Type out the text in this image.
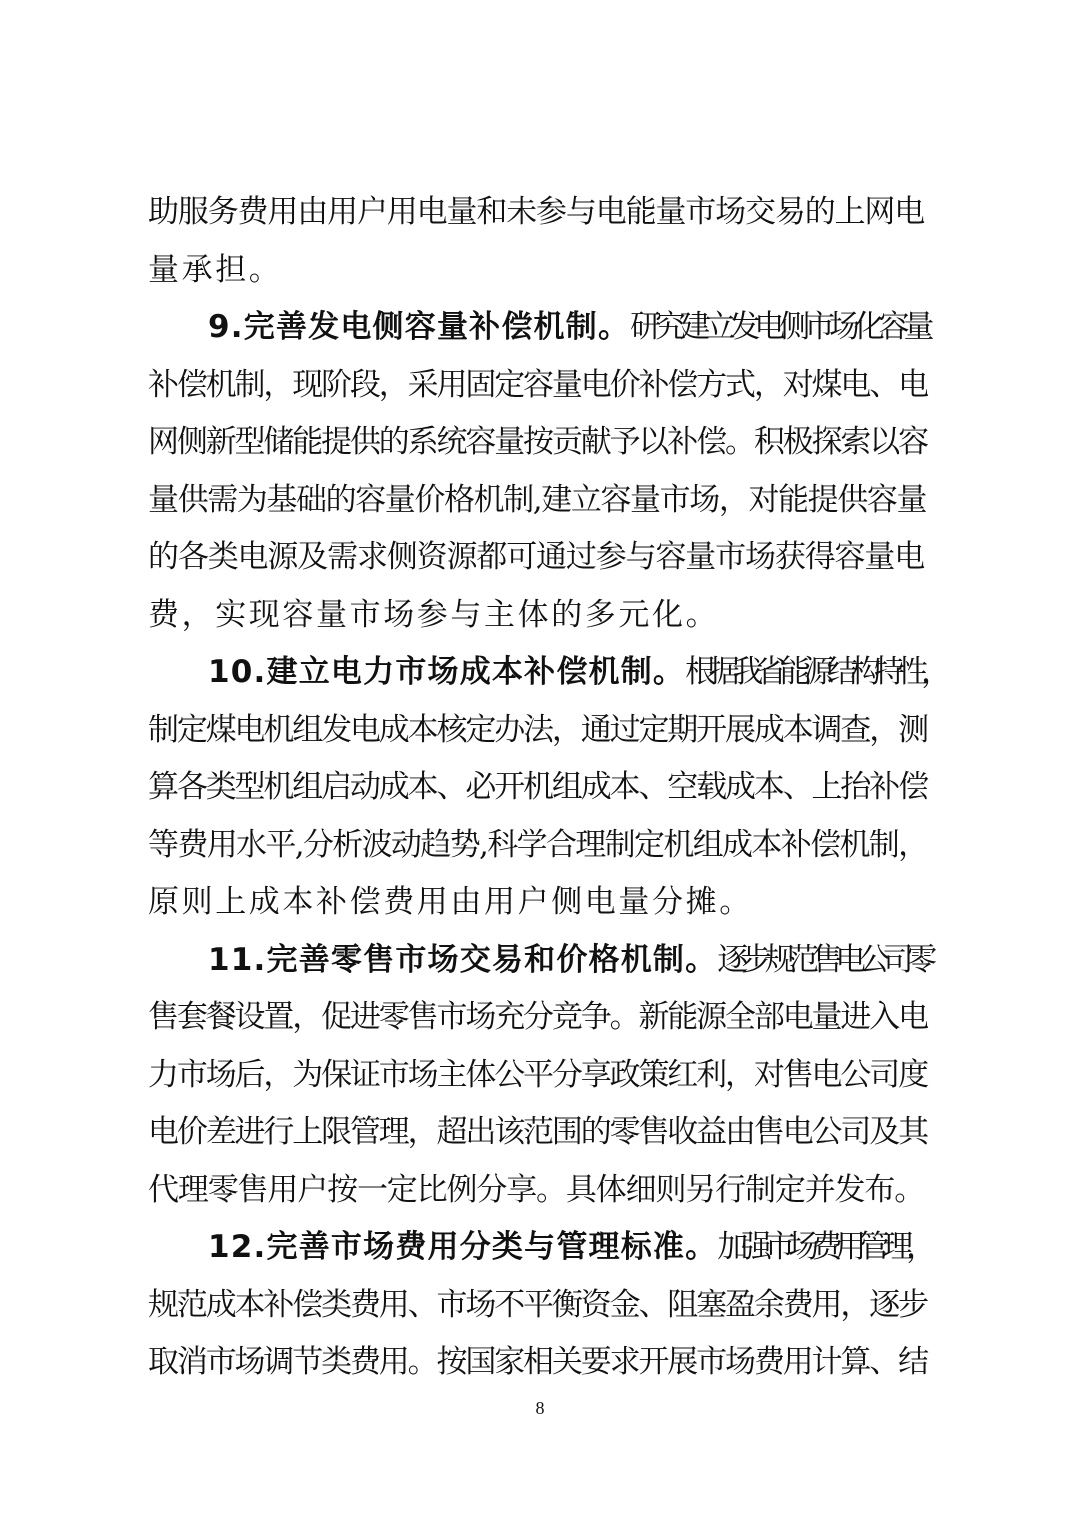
助服务费用由用户用电量和未参与电能量市场交易的上网电
量承担。
9.完善发电侧容量补偿机制。研究建立发电侧市场化容量
补偿机制，现阶段，采用固定容量电价补偿方式，对煤电、电
网侧新型储能提供的系统容量按贡献予以补偿。积极探索以容
量供需为基础的容量价格机制,建立容量市场，对能提供容量
的各类电源及需求侧资源都可通过参与容量市场获得容量电
费，实现容量市场参与主体的多元化。
10.建立电力市场成本补偿机制。根据我省能源结构特性，
制定煤电机组发电成本核定办法，通过定期开展成本调查，测
算各类型机组启动成本、必开机组成本、空载成本、上抬补偿
等费用水平,分析波动趋势,科学合理制定机组成本补偿机制，
原则上成本补偿费用由用户侧电量分摊。
11.完善零售市场交易和价格机制。逐步规范售电公司零
售套餐设置，促进零售市场充分竞争。新能源全部电量进入电
力市场后，为保证市场主体公平分享政策红利，对售电公司度
电价差进行上限管理，超出该范围的零售收益由售电公司及其
代理零售用户按一定比例分享。具体细则另行制定并发布。
12.完善市场费用分类与管理标准。加强市场费用管理，
规范成本补偿类费用、市场不平衡资金、阻塞盈余费用，逐步
取消市场调节类费用。按国家相关要求开展市场费用计算、结
8
